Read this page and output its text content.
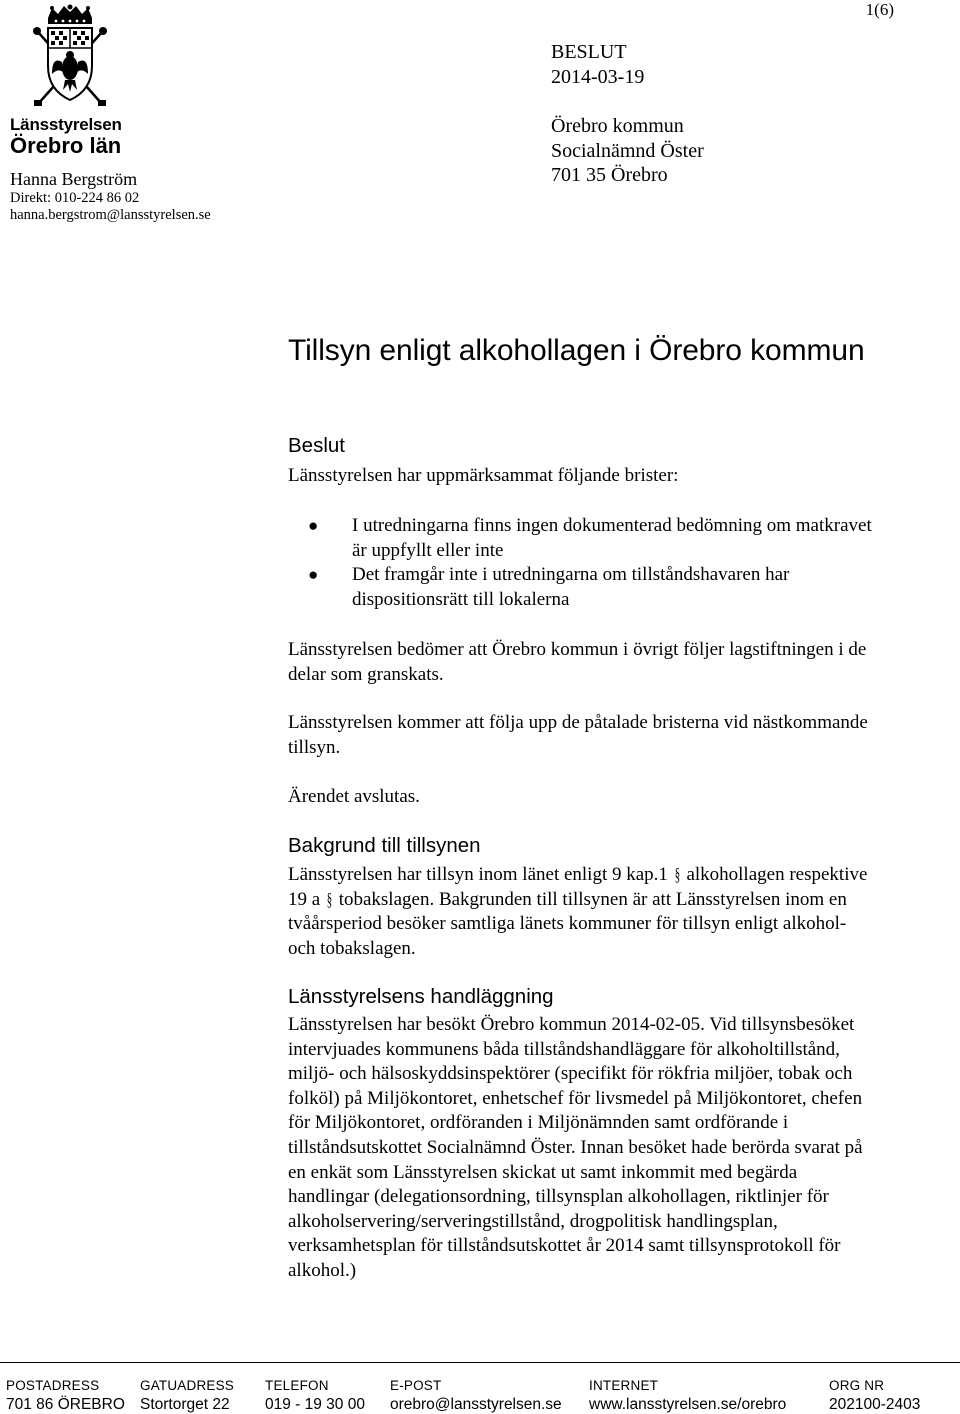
1(6)
Länsstyrelsen
Örebro län
Hanna Bergström
Direkt: 010-224 86 02
hanna.bergstrom@lansstyrelsen.se
BESLUT
2014-03-19
Örebro kommun
Socialnämnd Öster
701 35 Örebro
Tillsyn enligt alkohollagen i Örebro kommun
Beslut
Länsstyrelsen har uppmärksammat följande brister:
● I utredningarna finns ingen dokumenterad bedömning om matkravet
är uppfyllt eller inte
● Det framgår inte i utredningarna om tillståndshavaren har
dispositionsrätt till lokalerna
Länsstyrelsen bedömer att Örebro kommun i övrigt följer lagstiftningen i de
delar som granskats.
Länsstyrelsen kommer att följa upp de påtalade bristerna vid nästkommande
tillsyn.
Ärendet avslutas.
Bakgrund till tillsynen
Länsstyrelsen har tillsyn inom länet enligt 9 kap.1 § alkohollagen respektive
19 a § tobakslagen. Bakgrunden till tillsynen är att Länsstyrelsen inom en
tvåårsperiod besöker samtliga länets kommuner för tillsyn enligt alkohol-
och tobakslagen.
Länsstyrelsens handläggning
Länsstyrelsen har besökt Örebro kommun 2014-02-05. Vid tillsynsbesöket
intervjuades kommunens båda tillståndshandläggare för alkoholtillstånd,
miljö- och hälsoskyddsinspektörer (specifikt för rökfria miljöer, tobak och
folköl) på Miljökontoret, enhetschef för livsmedel på Miljökontoret, chefen
för Miljökontoret, ordföranden i Miljönämnden samt ordförande i
tillståndsutskottet Socialnämnd Öster. Innan besöket hade berörda svarat på
en enkät som Länsstyrelsen skickat ut samt inkommit med begärda
handlingar (delegationsordning, tillsynsplan alkohollagen, riktlinjer för
alkoholservering/serveringstillstånd, drogpolitisk handlingsplan,
verksamhetsplan för tillståndsutskottet år 2014 samt tillsynsprotokoll för
alkohol.)
POSTADRESS
701 86 ÖREBRO
GATUADRESS
Stortorget 22
TELEFON
019 - 19 30 00
E-POST
orebro@lansstyrelsen.se
INTERNET
www.lansstyrelsen.se/orebro
ORG NR
202100-2403
